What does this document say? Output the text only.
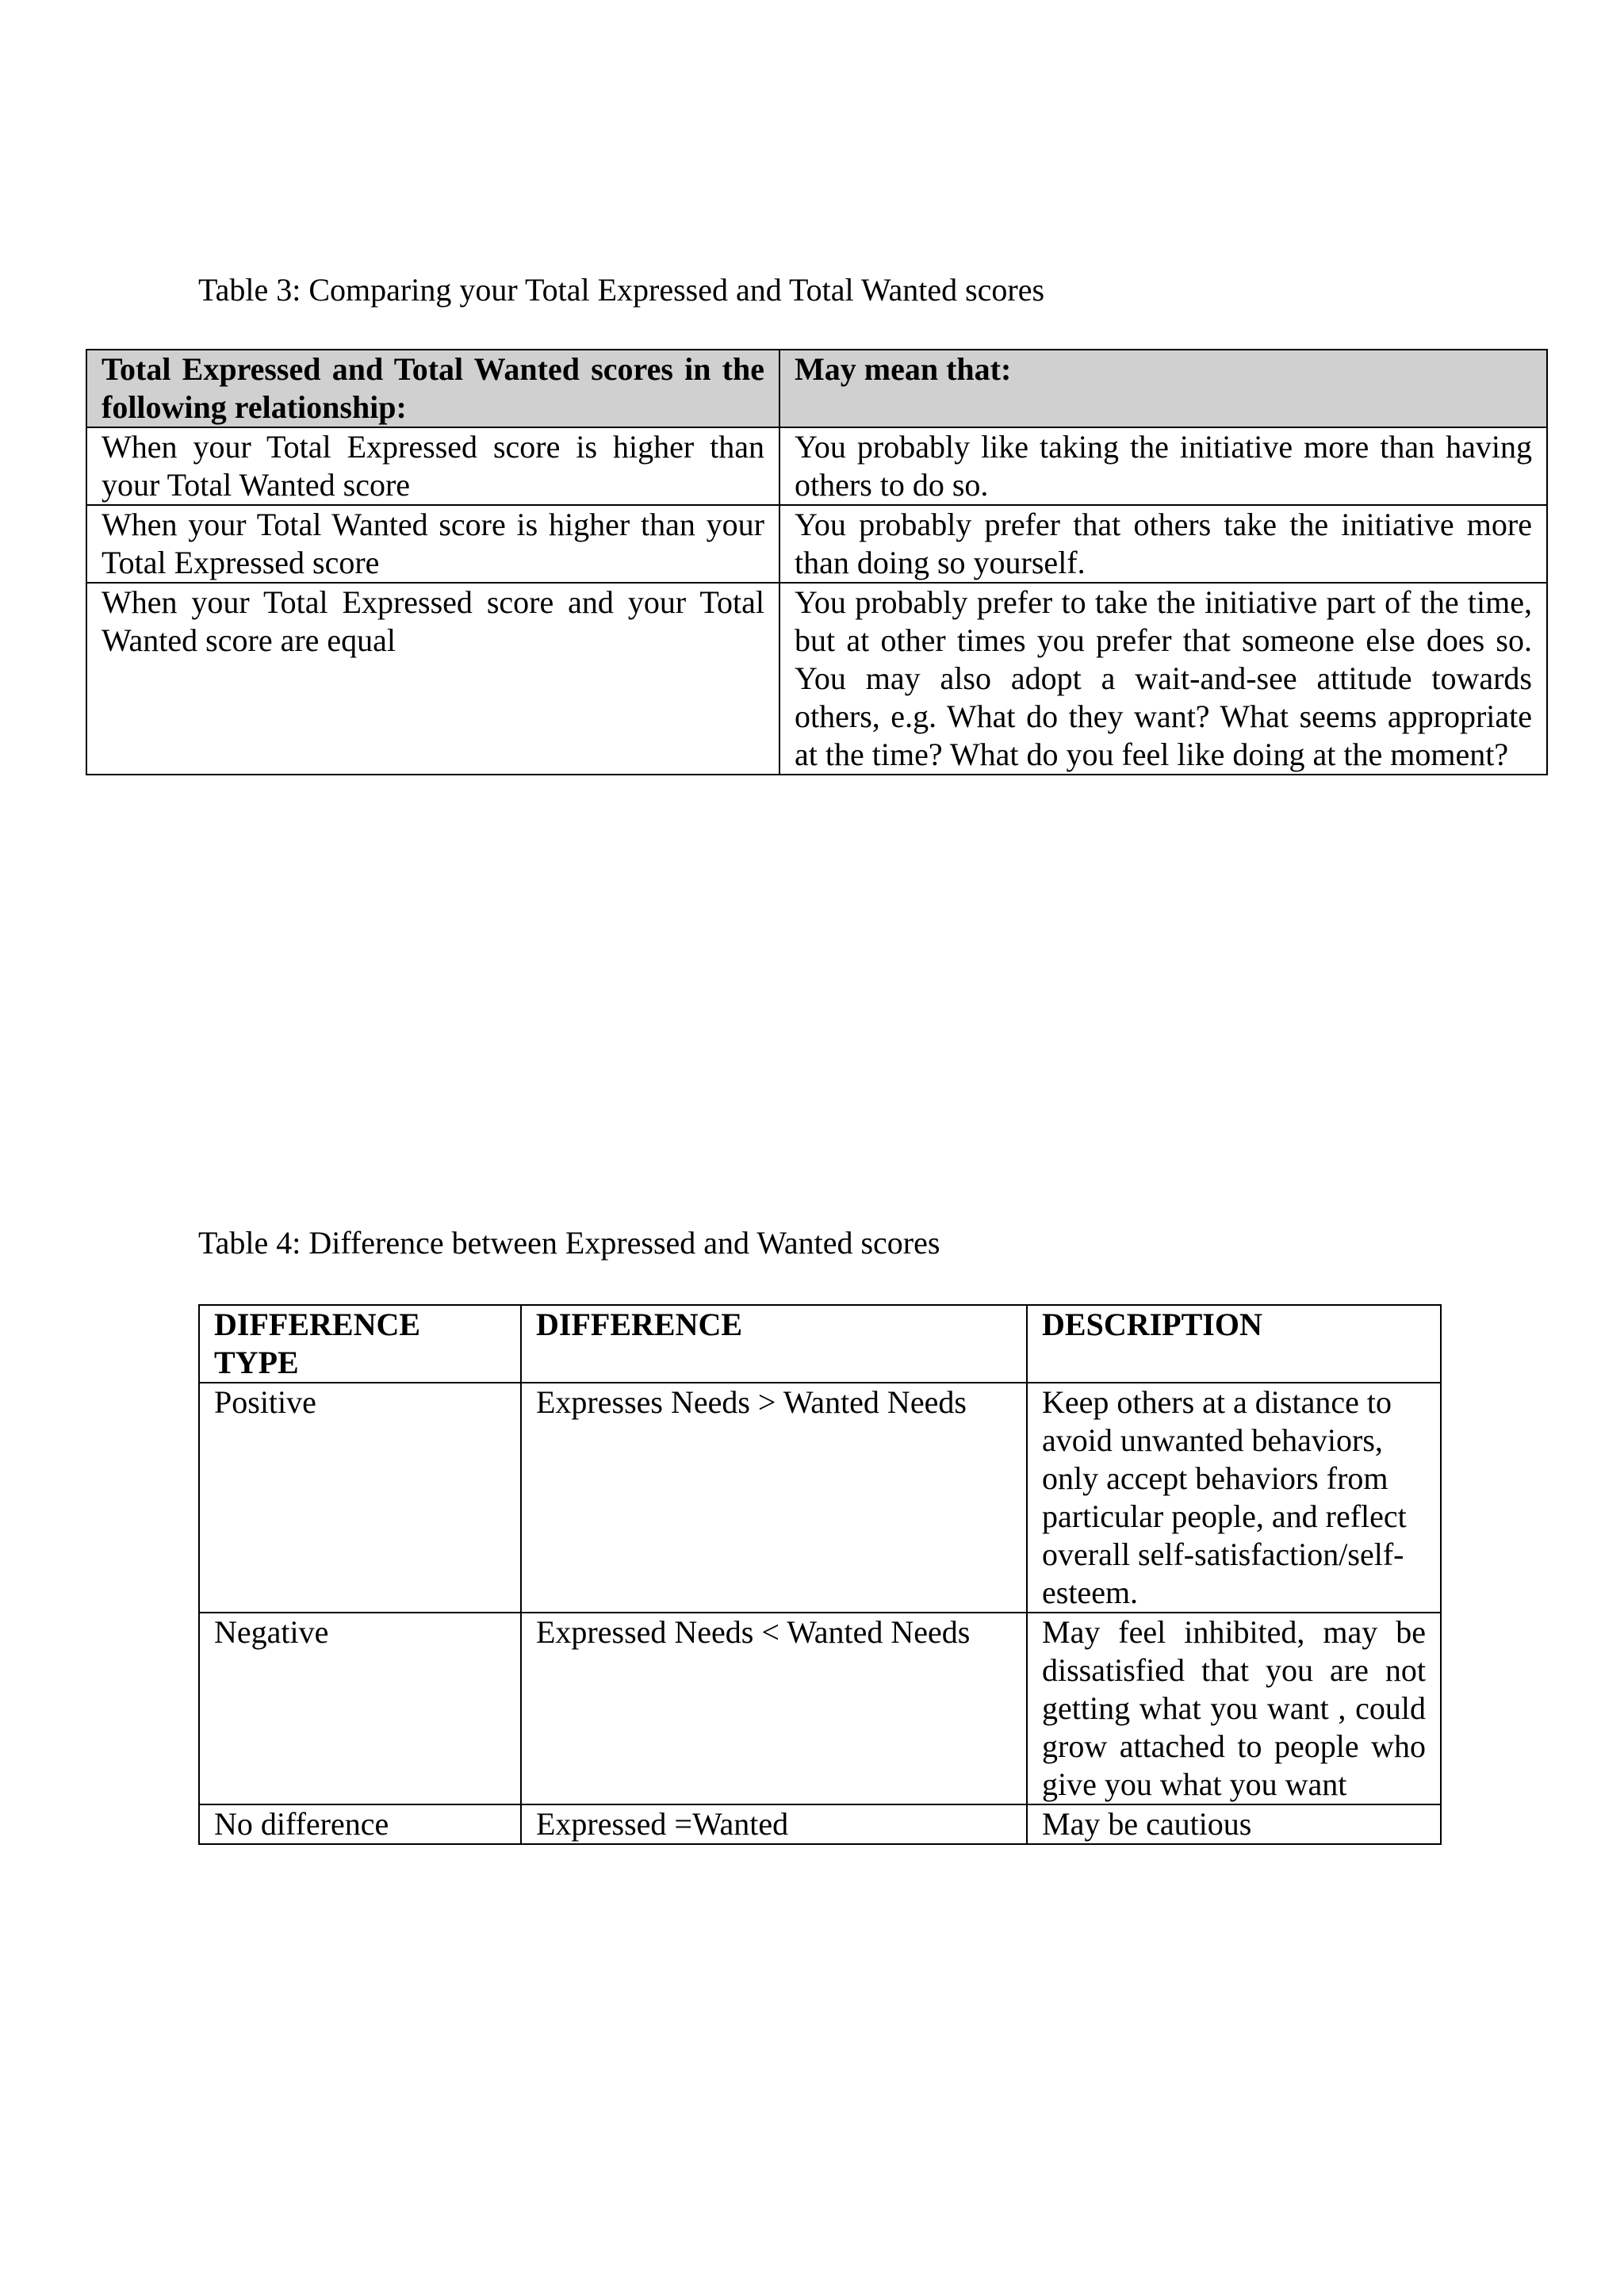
Table 3: Comparing your Total Expressed and Total Wanted scores
Total Expressed and Total Wanted scores in the following relationship:	May mean that:
When your Total Expressed score is higher than your Total Wanted score	You probably like taking the initiative more than having others to do so.
When your Total Wanted score is higher than your Total Expressed score	You probably prefer that others take the initiative more than doing so yourself.
When your Total Expressed score and your Total Wanted score are equal	You probably prefer to take the initiative part of the time, but at other times you prefer that someone else does so. You may also adopt a wait-and-see attitude towards others, e.g. What do they want? What seems appropriate at the time? What do you feel like doing at the moment?
Table 4: Difference between Expressed and Wanted scores
DIFFERENCE TYPE	DIFFERENCE	DESCRIPTION
Positive	Expresses Needs > Wanted Needs	Keep others at a distance to avoid unwanted behaviors, only accept behaviors from particular people, and reflect overall self-satisfaction/self-esteem.
Negative	Expressed Needs < Wanted Needs	May feel inhibited, may be dissatisfied that you are not getting what you want , could grow attached to people who give you what you want
No difference	Expressed =Wanted	May be cautious
